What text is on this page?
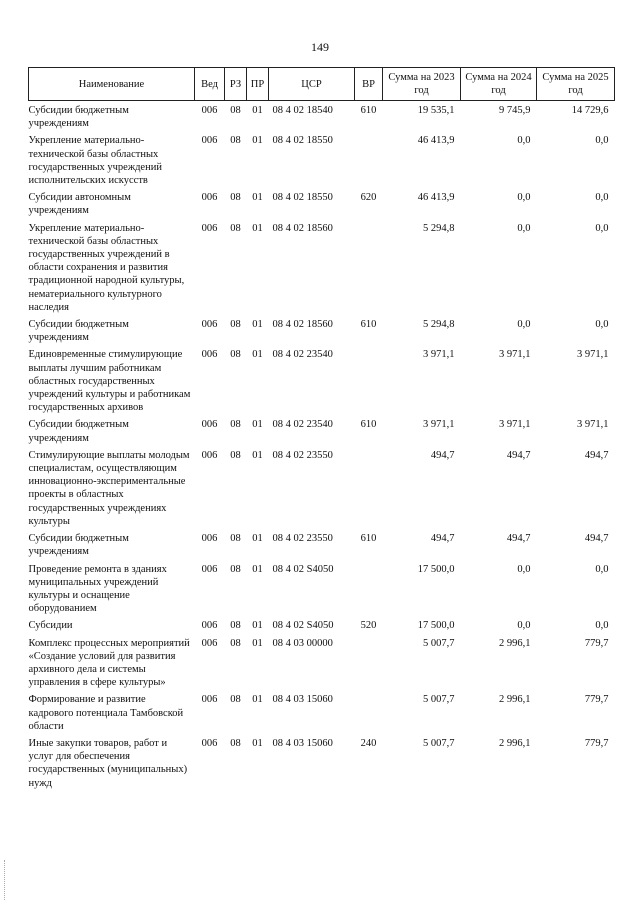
149
Наименование	Вед	РЗ	ПР	ЦСР	ВР	Сумма на 2023 год	Сумма на 2024 год	Сумма на 2025 год
Субсидии бюджетным учреждениям	006	08	01	08 4 02 18540	610	19 535,1	9 745,9	14 729,6
Укрепление материально-технической базы областных государственных учреждений исполнительских искусств	006	08	01	08 4 02 18550		46 413,9	0,0	0,0
Субсидии автономным учреждениям	006	08	01	08 4 02 18550	620	46 413,9	0,0	0,0
Укрепление материально-технической базы областных государственных учреждений в области сохранения и развития традиционной народной культуры, нематериального культурного наследия	006	08	01	08 4 02 18560		5 294,8	0,0	0,0
Субсидии бюджетным учреждениям	006	08	01	08 4 02 18560	610	5 294,8	0,0	0,0
Единовременные стимулирующие выплаты лучшим работникам областных государственных учреждений культуры и работникам государственных архивов	006	08	01	08 4 02 23540		3 971,1	3 971,1	3 971,1
Субсидии бюджетным учреждениям	006	08	01	08 4 02 23540	610	3 971,1	3 971,1	3 971,1
Стимулирующие выплаты молодым специалистам, осуществляющим инновационно-экспериментальные проекты в областных государственных учреждениях культуры	006	08	01	08 4 02 23550		494,7	494,7	494,7
Субсидии бюджетным учреждениям	006	08	01	08 4 02 23550	610	494,7	494,7	494,7
Проведение ремонта в зданиях муниципальных учреждений культуры и оснащение оборудованием	006	08	01	08 4 02 S4050		17 500,0	0,0	0,0
Субсидии	006	08	01	08 4 02 S4050	520	17 500,0	0,0	0,0
Комплекс процессных мероприятий «Создание условий для развития архивного дела и системы управления в сфере культуры»	006	08	01	08 4 03 00000		5 007,7	2 996,1	779,7
Формирование и развитие кадрового потенциала Тамбовской области	006	08	01	08 4 03 15060		5 007,7	2 996,1	779,7
Иные закупки товаров, работ и услуг для обеспечения государственных (муниципальных) нужд	006	08	01	08 4 03 15060	240	5 007,7	2 996,1	779,7
